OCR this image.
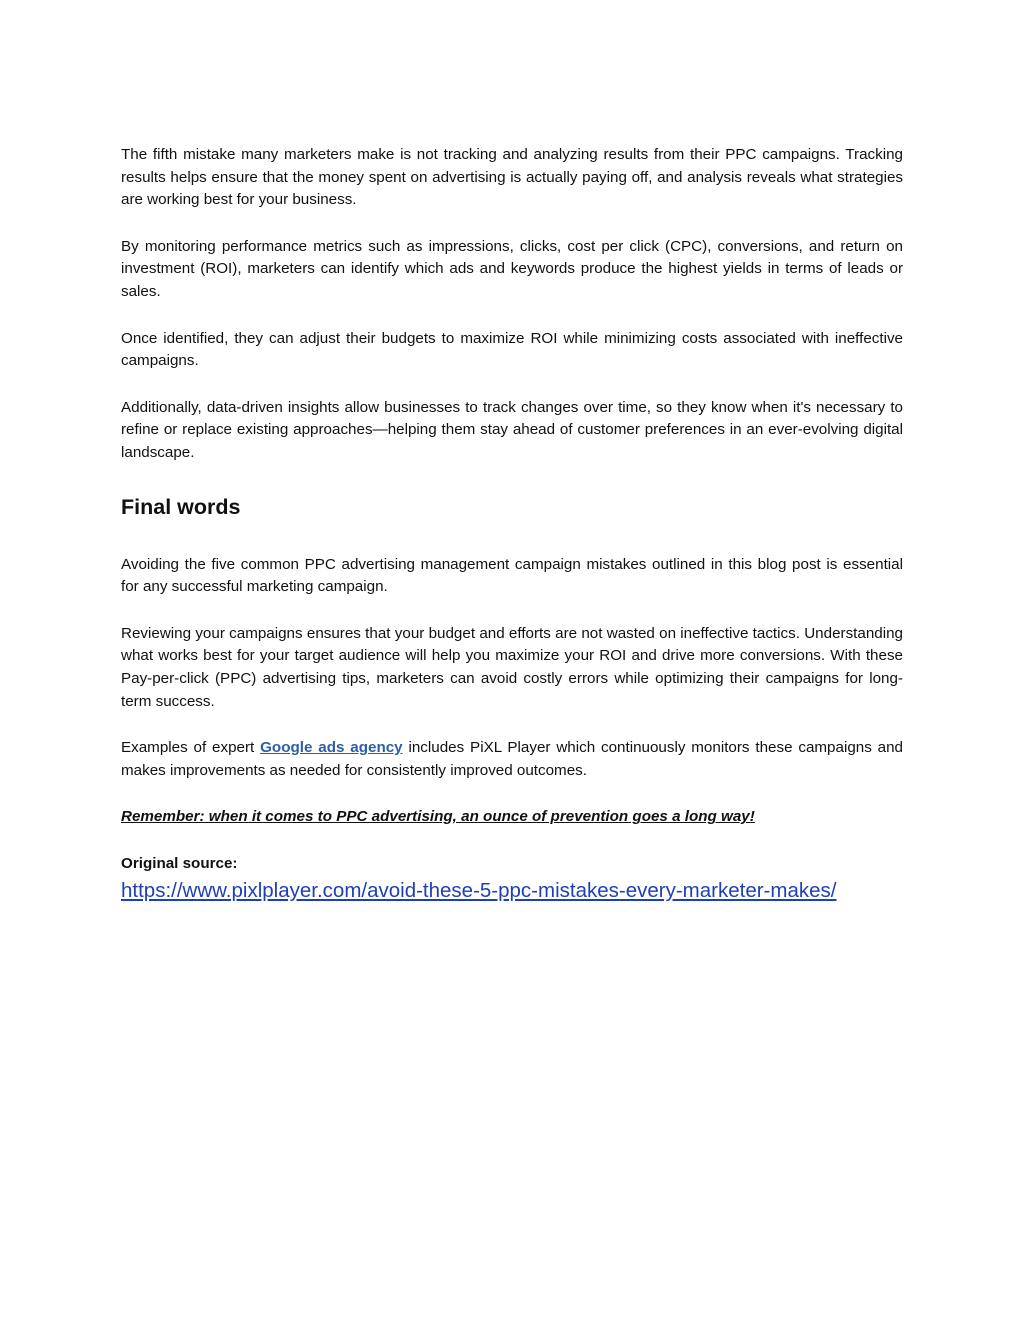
The fifth mistake many marketers make is not tracking and analyzing results from their PPC campaigns. Tracking results helps ensure that the money spent on advertising is actually paying off, and analysis reveals what strategies are working best for your business.

By monitoring performance metrics such as impressions, clicks, cost per click (CPC), conversions, and return on investment (ROI), marketers can identify which ads and keywords produce the highest yields in terms of leads or sales.

Once identified, they can adjust their budgets to maximize ROI while minimizing costs associated with ineffective campaigns.

Additionally, data-driven insights allow businesses to track changes over time, so they know when it's necessary to refine or replace existing approaches—helping them stay ahead of customer preferences in an ever-evolving digital landscape.

Final words

Avoiding the five common PPC advertising management campaign mistakes outlined in this blog post is essential for any successful marketing campaign.

Reviewing your campaigns ensures that your budget and efforts are not wasted on ineffective tactics. Understanding what works best for your target audience will help you maximize your ROI and drive more conversions. With these Pay-per-click (PPC) advertising tips, marketers can avoid costly errors while optimizing their campaigns for long-term success.

Examples of expert Google ads agency includes PiXL Player which continuously monitors these campaigns and makes improvements as needed for consistently improved outcomes.

Remember: when it comes to PPC advertising, an ounce of prevention goes a long way!

Original source:

https://www.pixlplayer.com/avoid-these-5-ppc-mistakes-every-marketer-makes/
